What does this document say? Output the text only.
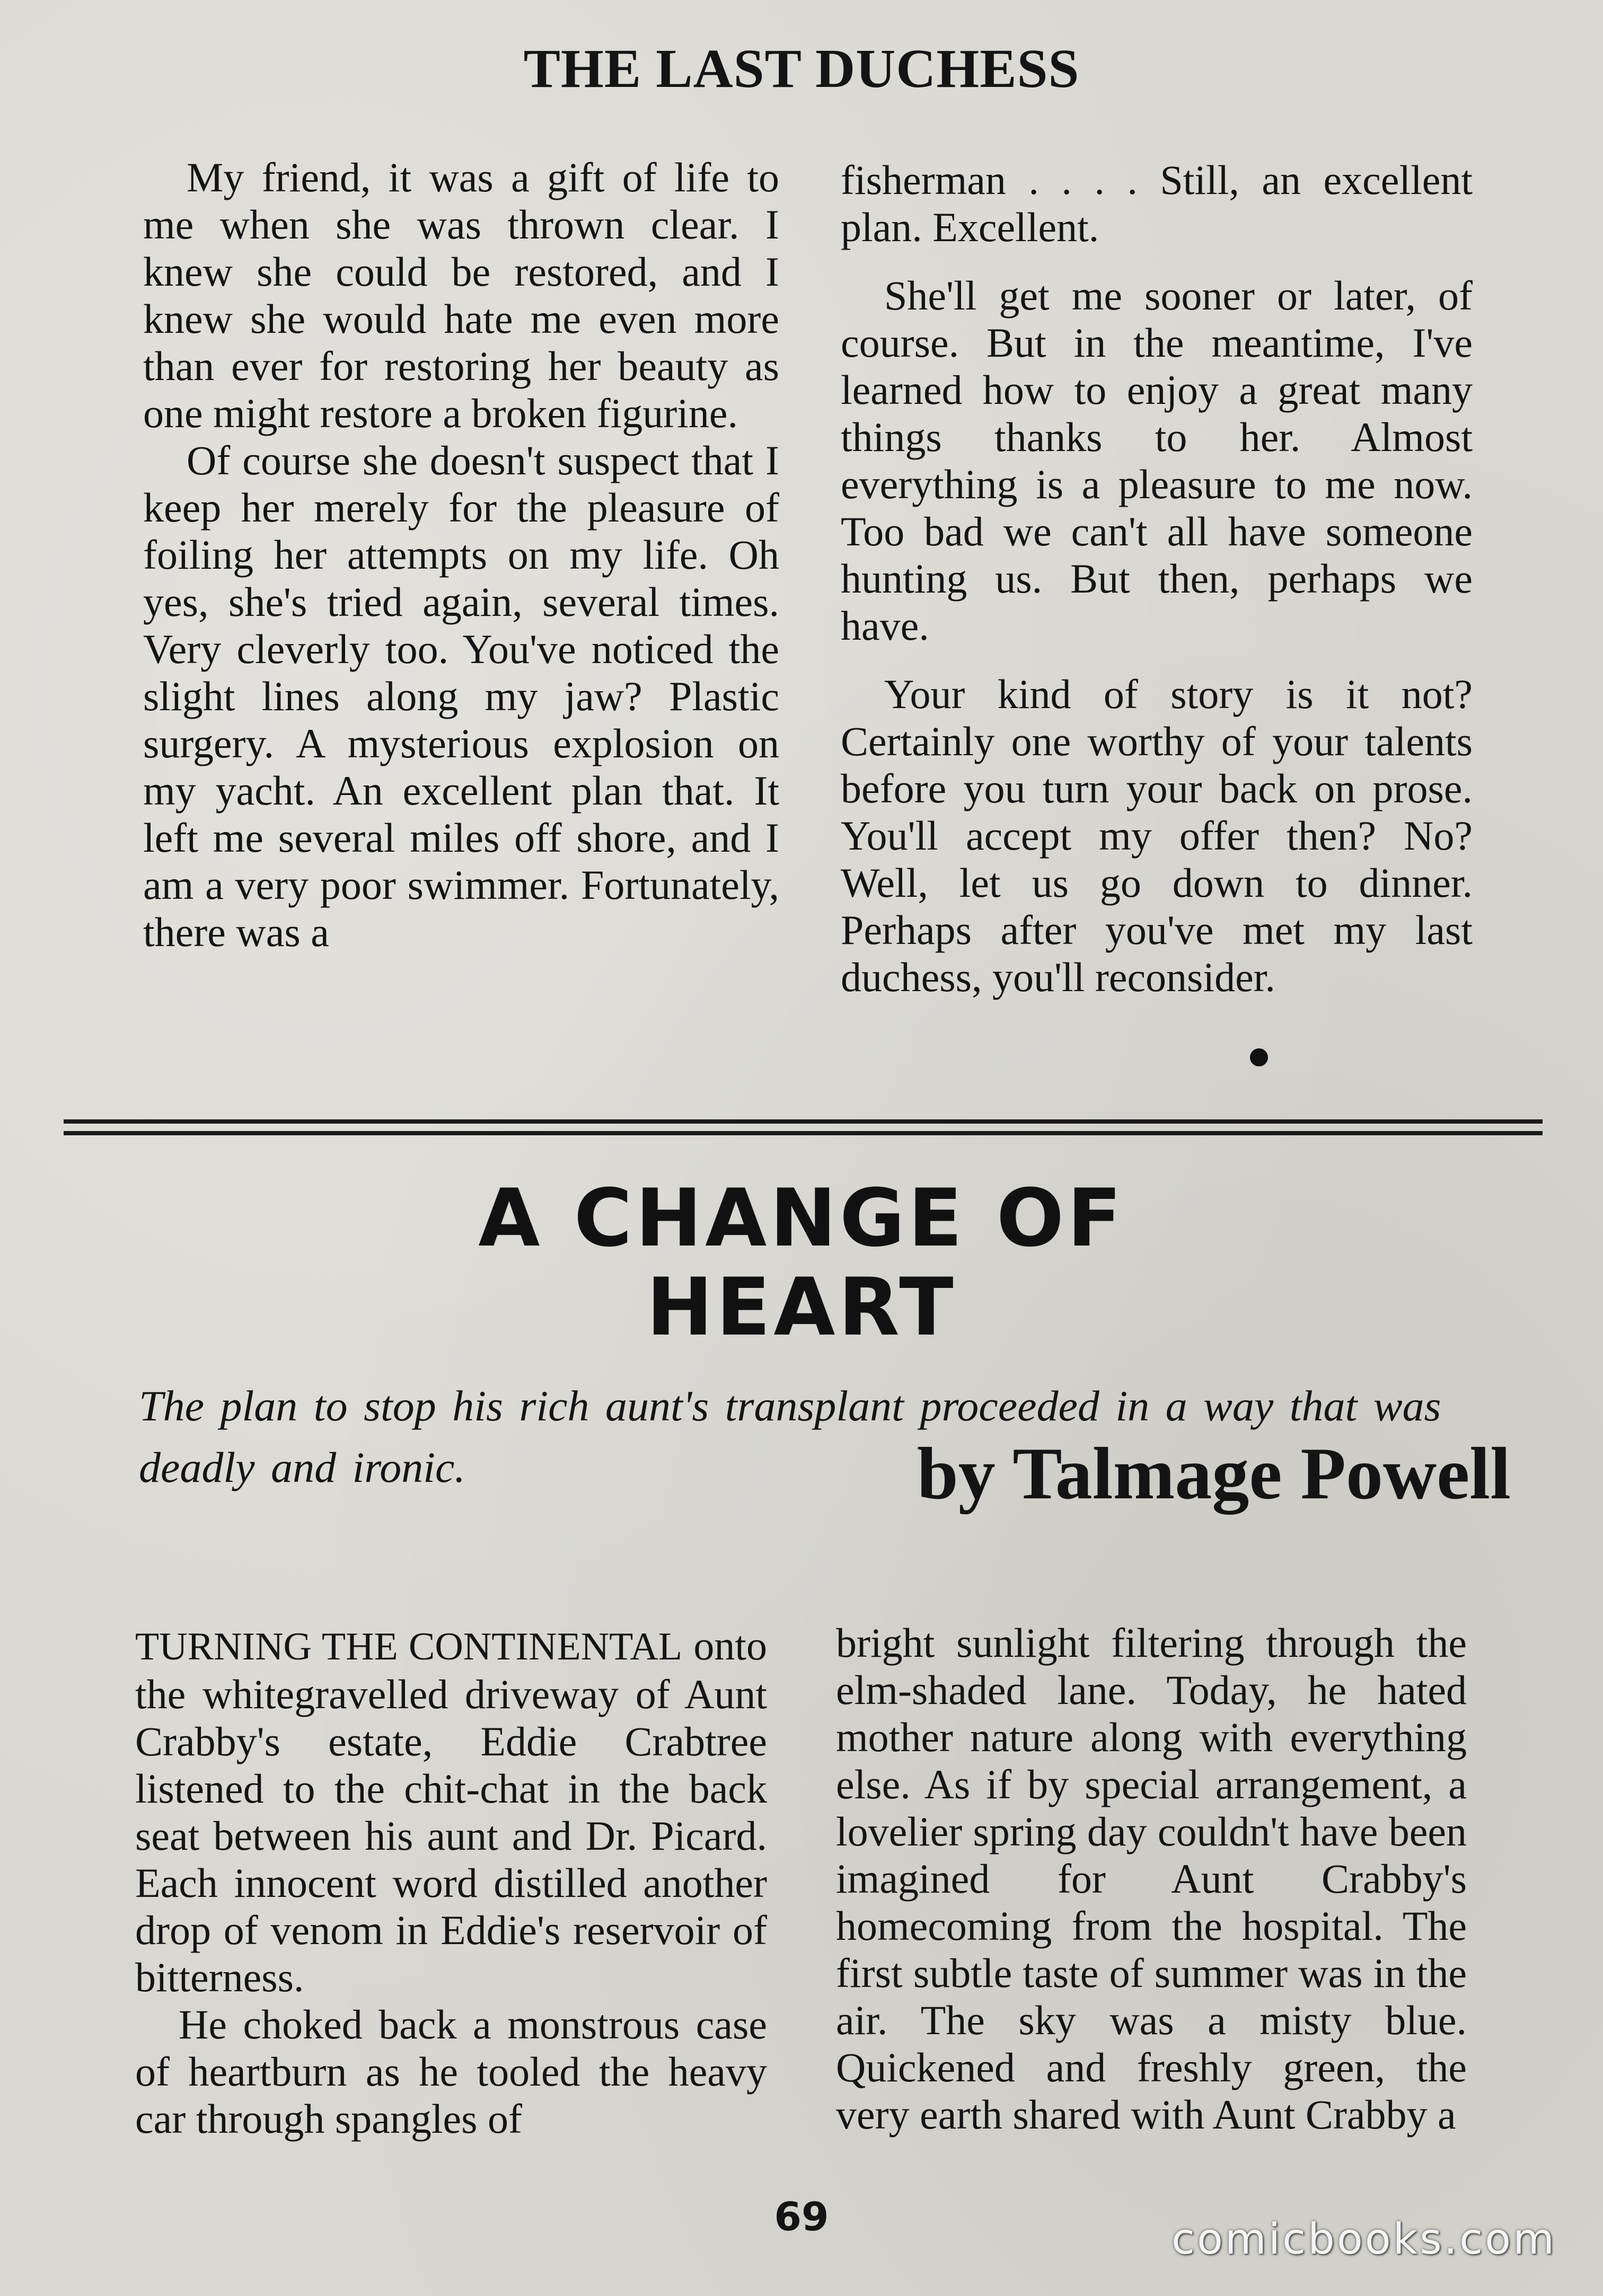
THE LAST DUCHESS

My friend, it was a gift of life to me when she was thrown clear. I knew she could be restored, and I knew she would hate me even more than ever for restoring her beauty as one might restore a broken figurine.

Of course she doesn't suspect that I keep her merely for the pleasure of foiling her attempts on my life. Oh yes, she's tried again, several times. Very cleverly too. You've noticed the slight lines along my jaw? Plastic surgery. A mysterious explosion on my yacht. An excellent plan that. It left me several miles off shore, and I am a very poor swimmer. Fortunately, there was a

fisherman . . . . Still, an excellent plan. Excellent.

She'll get me sooner or later, of course. But in the meantime, I've learned how to enjoy a great many things thanks to her. Almost everything is a pleasure to me now. Too bad we can't all have someone hunting us. But then, perhaps we have.

Your kind of story is it not? Certainly one worthy of your talents before you turn your back on prose. You'll accept my offer then? No? Well, let us go down to dinner. Perhaps after you've met my last duchess, you'll reconsider.

A CHANGE OF
HEART
The plan to stop his rich aunt's transplant proceeded in a way that was deadly and ironic.	by Talmage Powell

TURNING THE CONTINENTAL onto the whitegravelled driveway of Aunt Crabby's estate, Eddie Crabtree listened to the chit-chat in the back seat between his aunt and Dr. Picard. Each innocent word distilled another drop of venom in Eddie's reservoir of bitterness.

He choked back a monstrous case of heartburn as he tooled the heavy car through spangles of

bright sunlight filtering through the elm-shaded lane. Today, he hated mother nature along with everything else. As if by special arrangement, a lovelier spring day couldn't have been imagined for Aunt Crabby's homecoming from the hospital. The first subtle taste of summer was in the air. The sky was a misty blue. Quickened and freshly green, the very earth shared with Aunt Crabby a

69	comicbooks.com
